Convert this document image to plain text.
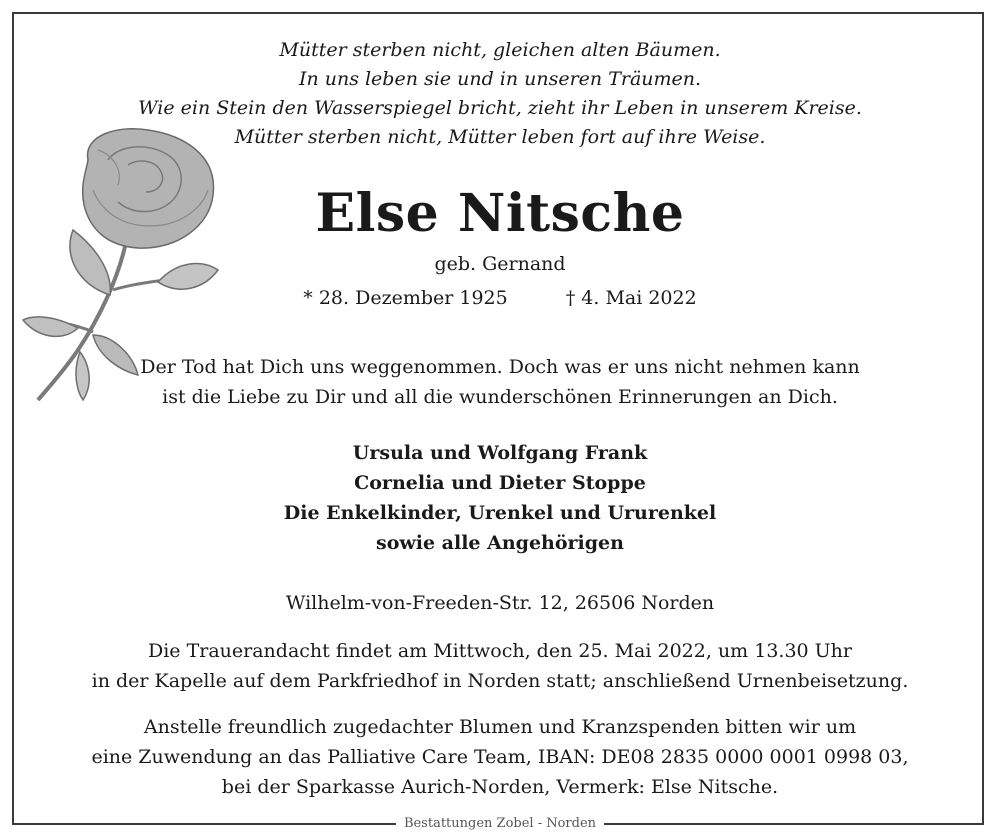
Mütter sterben nicht, gleichen alten Bäumen.
In uns leben sie und in unseren Träumen.
Wie ein Stein den Wasserspiegel bricht, zieht ihr Leben in unserem Kreise.
Mütter sterben nicht, Mütter leben fort auf ihre Weise.
Else Nitsche
geb. Gernand
* 28. Dezember 1925	† 4. Mai 2022
Der Tod hat Dich uns weggenommen. Doch was er uns nicht nehmen kann
ist die Liebe zu Dir und all die wunderschönen Erinnerungen an Dich.
Ursula und Wolfgang Frank
Cornelia und Dieter Stoppe
Die Enkelkinder, Urenkel und Ururenkel
sowie alle Angehörigen
Wilhelm-von-Freeden-Str. 12, 26506 Norden
Die Trauerandacht findet am Mittwoch, den 25. Mai 2022, um 13.30 Uhr
in der Kapelle auf dem Parkfriedhof in Norden statt; anschließend Urnenbeisetzung.
Anstelle freundlich zugedachter Blumen und Kranzspenden bitten wir um
eine Zuwendung an das Palliative Care Team, IBAN: DE08 2835 0000 0001 0998 03,
bei der Sparkasse Aurich-Norden, Vermerk: Else Nitsche.
Bestattungen Zobel - Norden
